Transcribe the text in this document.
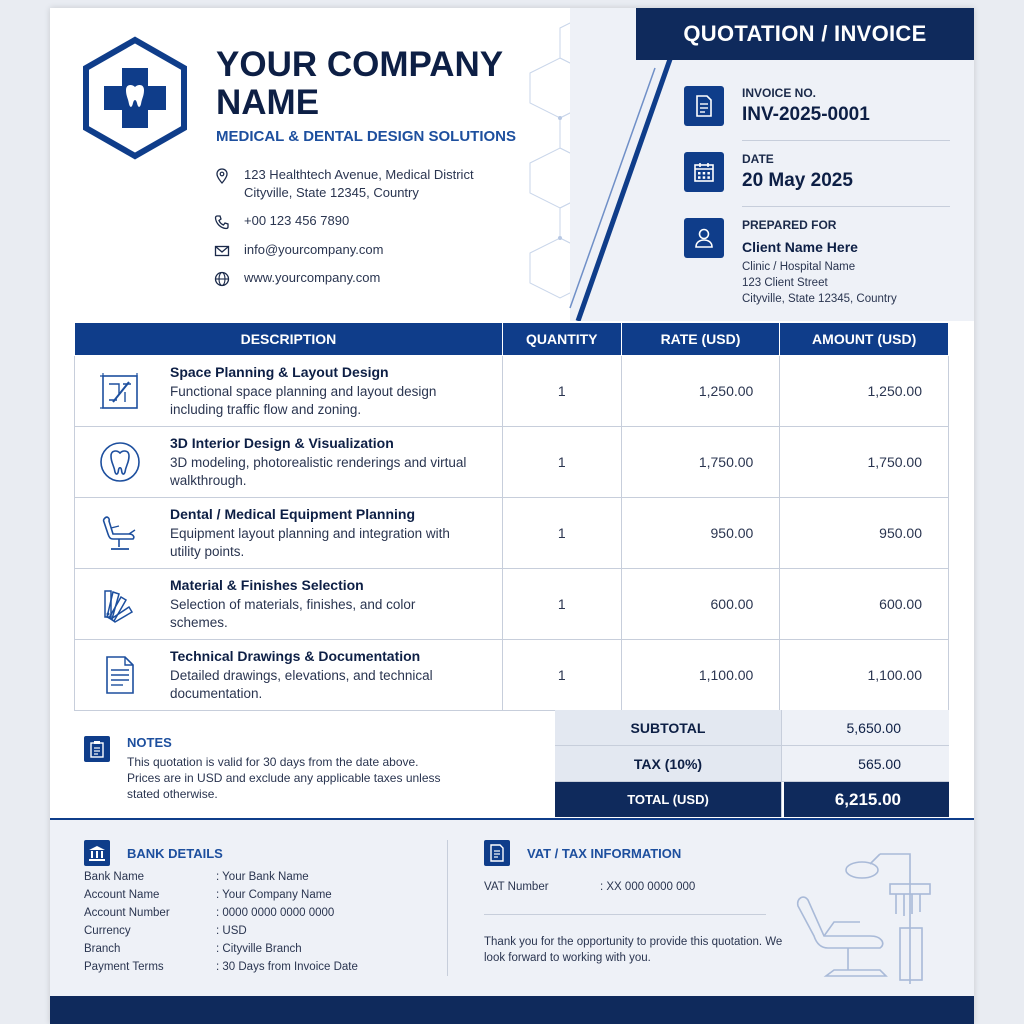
QUOTATION / INVOICE
YOUR COMPANY NAME
MEDICAL & DENTAL DESIGN SOLUTIONS
123 Healthtech Avenue, Medical District
Cityville, State 12345, Country
+00 123 456 7890
info@yourcompany.com
www.yourcompany.com
INVOICE NO.
INV-2025-0001
DATE
20 May 2025
PREPARED FOR
Client Name Here
Clinic / Hospital Name
123 Client Street
Cityville, State 12345, Country
DESCRIPTION	QUANTITY	RATE (USD)	AMOUNT (USD)

Space Planning & Layout Design
Functional space planning and layout design including traffic flow and zoning.	1	1,250.00	1,250.00

3D Interior Design & Visualization
3D modeling, photorealistic renderings and virtual walkthrough.	1	1,750.00	1,750.00

Dental / Medical Equipment Planning
Equipment layout planning and integration with utility points.	1	950.00	950.00

Material & Finishes Selection
Selection of materials, finishes, and color schemes.	1	600.00	600.00

Technical Drawings & Documentation
Detailed drawings, elevations, and technical documentation.	1	1,100.00	1,100.00
NOTES
This quotation is valid for 30 days from the date above. Prices are in USD and exclude any applicable taxes unless stated otherwise.
SUBTOTAL	5,650.00
TAX (10%)	565.00
TOTAL (USD)	6,215.00
BANK DETAILS
Bank Name	: Your Bank Name
Account Name	: Your Company Name
Account Number	: 0000 0000 0000 0000
Currency	: USD
Branch	: Cityville Branch
Payment Terms	: 30 Days from Invoice Date
VAT / TAX INFORMATION
VAT Number	: XX 000 0000 000
Thank you for the opportunity to provide this quotation. We look forward to working with you.
